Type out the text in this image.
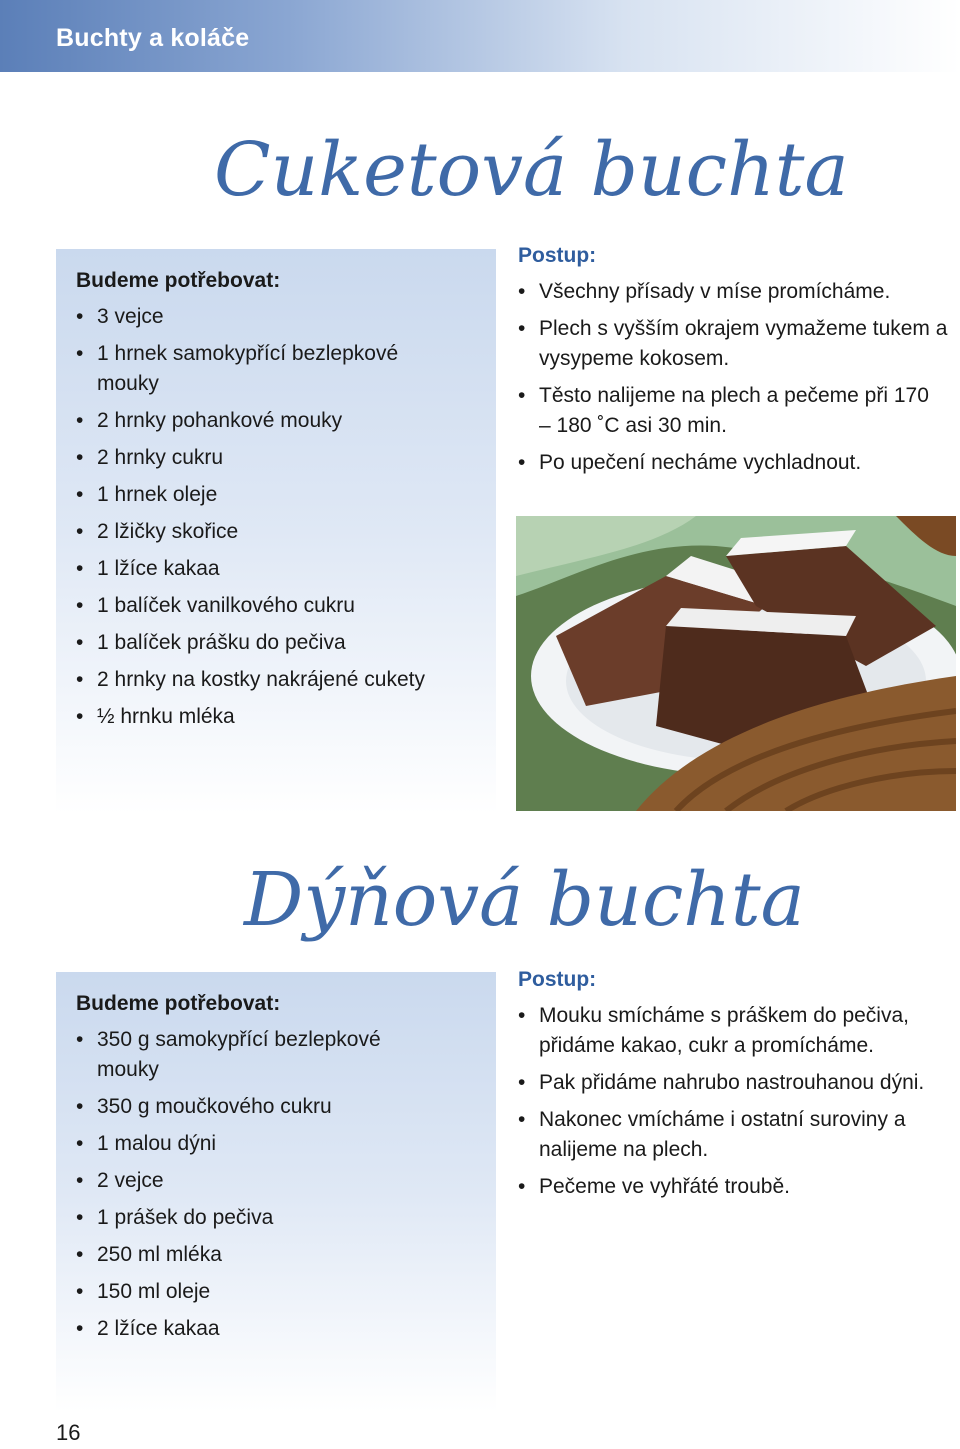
Buchty a koláče
Cuketová buchta
Budeme potřebovat:
• 3 vejce
• 1 hrnek samokypřící bezlepkové mouky
• 2 hrnky pohankové mouky
• 2 hrnky cukru
• 1 hrnek oleje
• 2 lžičky skořice
• 1 lžíce kakaa
• 1 balíček vanilkového cukru
• 1 balíček prášku do pečiva
• 2 hrnky na kostky nakrájené cukety
• ½ hrnku mléka
Postup:
• Všechny přísady v míse promícháme.
• Plech s vyšším okrajem vymažeme tukem a vysypeme kokosem.
• Těsto nalijeme na plech a pečeme při 170 – 180 ˚C asi 30 min.
• Po upečení necháme vychladnout.
Dýňová buchta
Budeme potřebovat:
• 350 g samokypřící bezlepkové mouky
• 350 g moučkového cukru
• 1 malou dýni
• 2 vejce
• 1 prášek do pečiva
• 250 ml mléka
• 150 ml oleje
• 2 lžíce kakaa
Postup:
• Mouku smícháme s práškem do pečiva, přidáme kakao, cukr a promícháme.
• Pak přidáme nahrubo nastrouhanou dýni.
• Nakonec vmícháme i ostatní suroviny a nalijeme na plech.
• Pečeme ve vyhřáté troubě.
16
